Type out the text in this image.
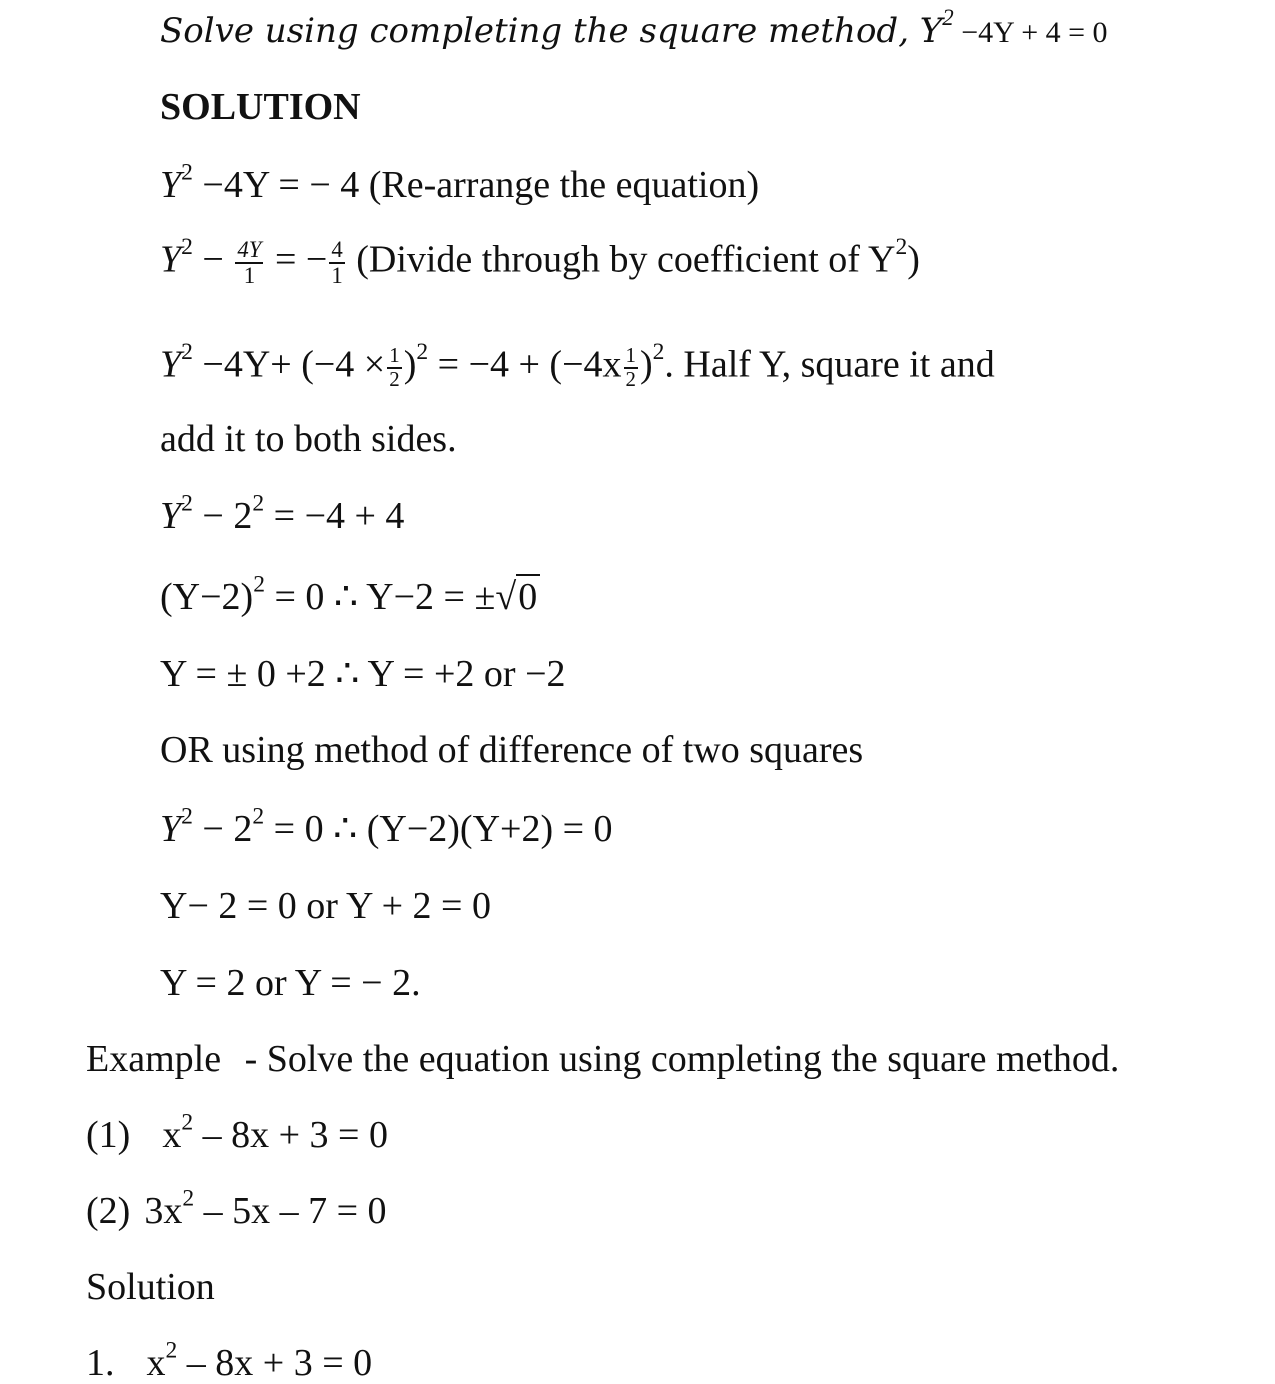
Solve using completing the square method, $Y^2 -4Y + 4 = 0$
SOLUTION
$Y^2 -4Y$ = − 4 (Re-arrange the equation)
$Y^2 - \frac{4Y}{1}$ = − $\frac{4}{1}$ (Divide through by coefficient of $Y^2$)
$Y^2 -4Y+ (-4 \times \frac{1}{2} )^2 = -4 + (-4x \frac{1}{2} )^2$. Half Y, square it and
add it to both sides.
$Y^2 - 2^2 = -4 + 4$
$(Y-2)^2 = 0$ ∴ Y−2 = ±√0
Y = ± 0 +2 ∴ Y = +2 or −2
OR using method of difference of two squares
$Y^2 - 2^2 = 0$ ∴ (Y−2)(Y+2) = 0
Y− 2 = 0 or Y + 2 = 0
Y = 2 or Y = − 2.
Example - Solve the equation using completing the square method.
(1) $x^2 - 8x + 3 = 0$
(2) $3x^2 - 5x - 7 = 0$
Solution
1. $x^2 - 8x + 3 = 0$
